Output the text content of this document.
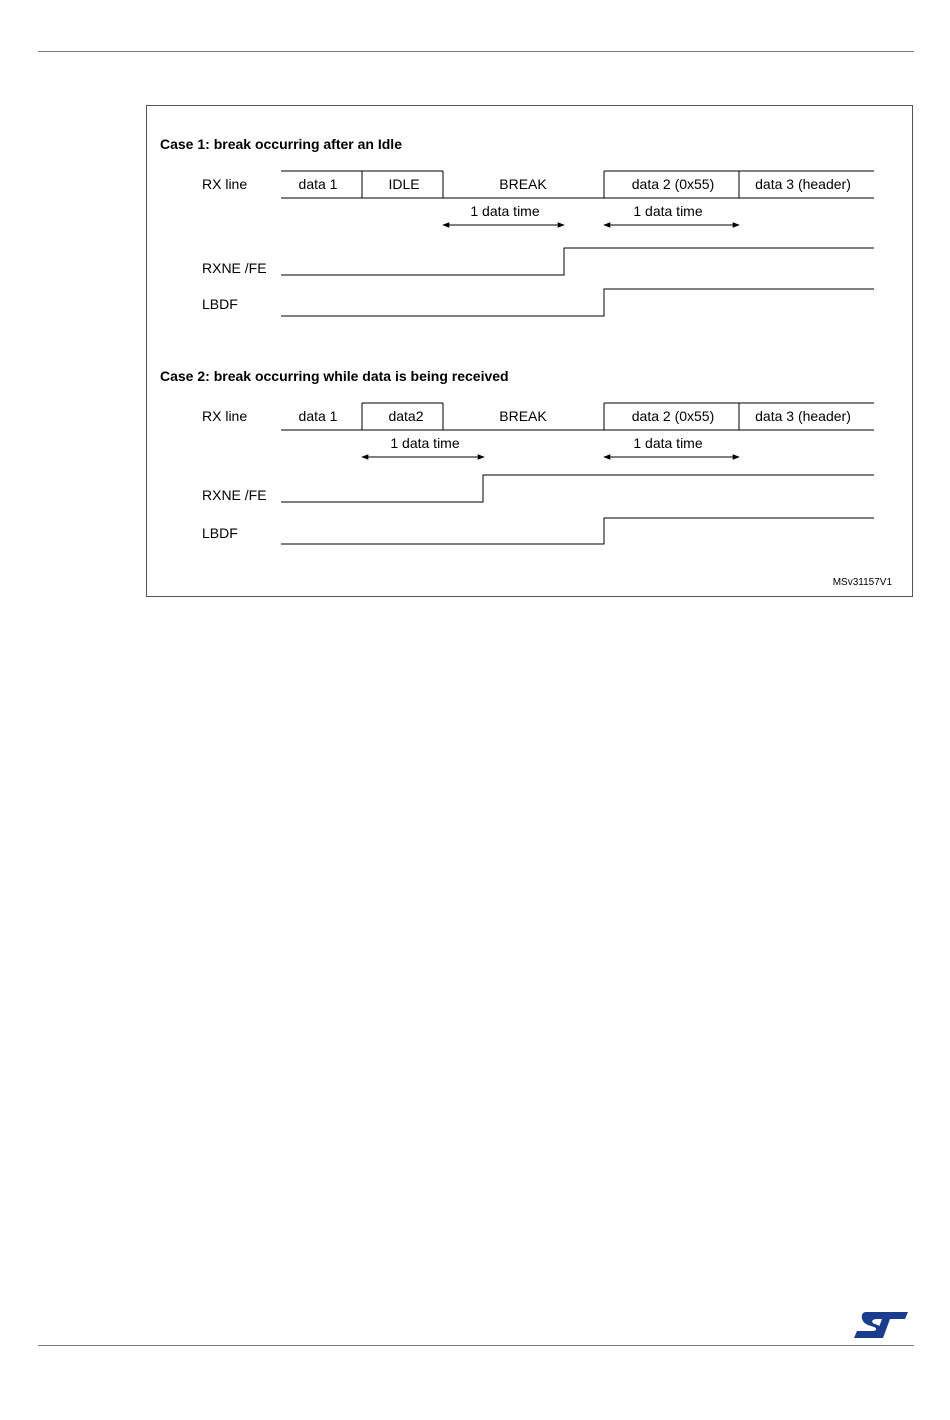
Case 1: break occurring after an Idle
RX line	data 1	IDLE	BREAK	data 2 (0x55)	data 3 (header)
1 data time	1 data time
RXNE /FE
LBDF
Case 2: break occurring while data is being received
RX line	data 1	data2	BREAK	data 2 (0x55)	data 3 (header)
1 data time	1 data time
RXNE /FE
LBDF
MSv31157V1
